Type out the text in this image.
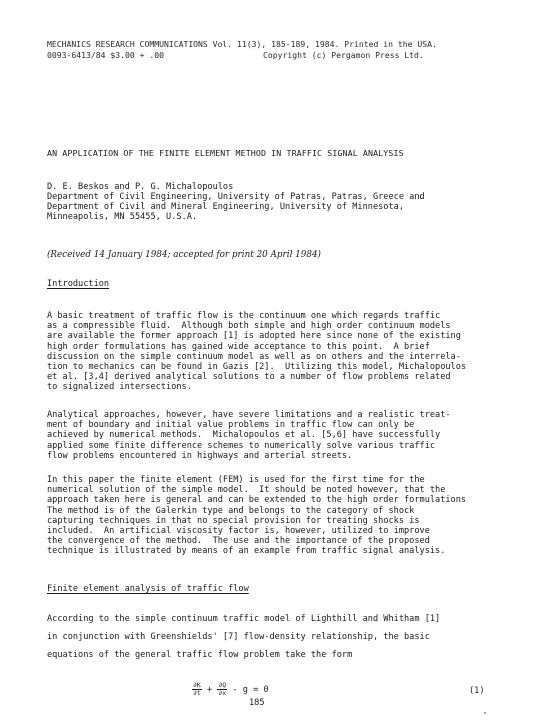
MECHANICS RESEARCH COMMUNICATIONS Vol. 11(3), 185-189, 1984. Printed in the USA.
0093-6413/84 $3.00 + .00	Copyright (c) Pergamon Press Ltd.
AN APPLICATION OF THE FINITE ELEMENT METHOD IN TRAFFIC SIGNAL ANALYSIS
D. E. Beskos and P. G. Michalopoulos
Department of Civil Engineering, University of Patras, Patras, Greece and
Department of Civil and Mineral Engineering, University of Minnesota,
Minneapolis, MN 55455, U.S.A.
(Received 14 January 1984; accepted for print 20 April 1984)
Introduction
A basic treatment of traffic flow is the continuum one which regards traffic
as a compressible fluid.  Although both simple and high order continuum models
are available the former approach [1] is adopted here since none of the existing
high order formulations has gained wide acceptance to this point.  A brief
discussion on the simple continuum model as well as on others and the interrela-
tion to mechanics can be found in Gazis [2].  Utilizing this model, Michalopoulos
et al. [3,4] derived analytical solutions to a number of flow problems related
to signalized intersections.
Analytical approaches, however, have severe limitations and a realistic treat-
ment of boundary and initial value problems in traffic flow can only be
achieved by numerical methods.  Michalopoulos et al. [5,6] have successfully
applied some finite difference schemes to numerically solve various traffic
flow problems encountered in highways and arterial streets.
In this paper the finite element (FEM) is used for the first time for the
numerical solution of the simple model.  It should be noted however, that the
approach taken here is general and can be extended to the high order formulations
The method is of the Galerkin type and belongs to the category of shock
capturing techniques in that no special provision for treating shocks is
included.  An artificial viscosity factor is, however, utilized to improve
the convergence of the method.  The use and the importance of the proposed
technique is illustrated by means of an example from traffic signal analysis.
Finite element analysis of traffic flow
According to the simple continuum traffic model of Lighthill and Whitham [1]
in conjunction with Greenshields' [7] flow-density relationship, the basic
equations of the general traffic flow problem take the form
$\frac{\partial K}{\partial t} + \frac{\partial Q}{\partial x} - g = 0$	(1)
185
